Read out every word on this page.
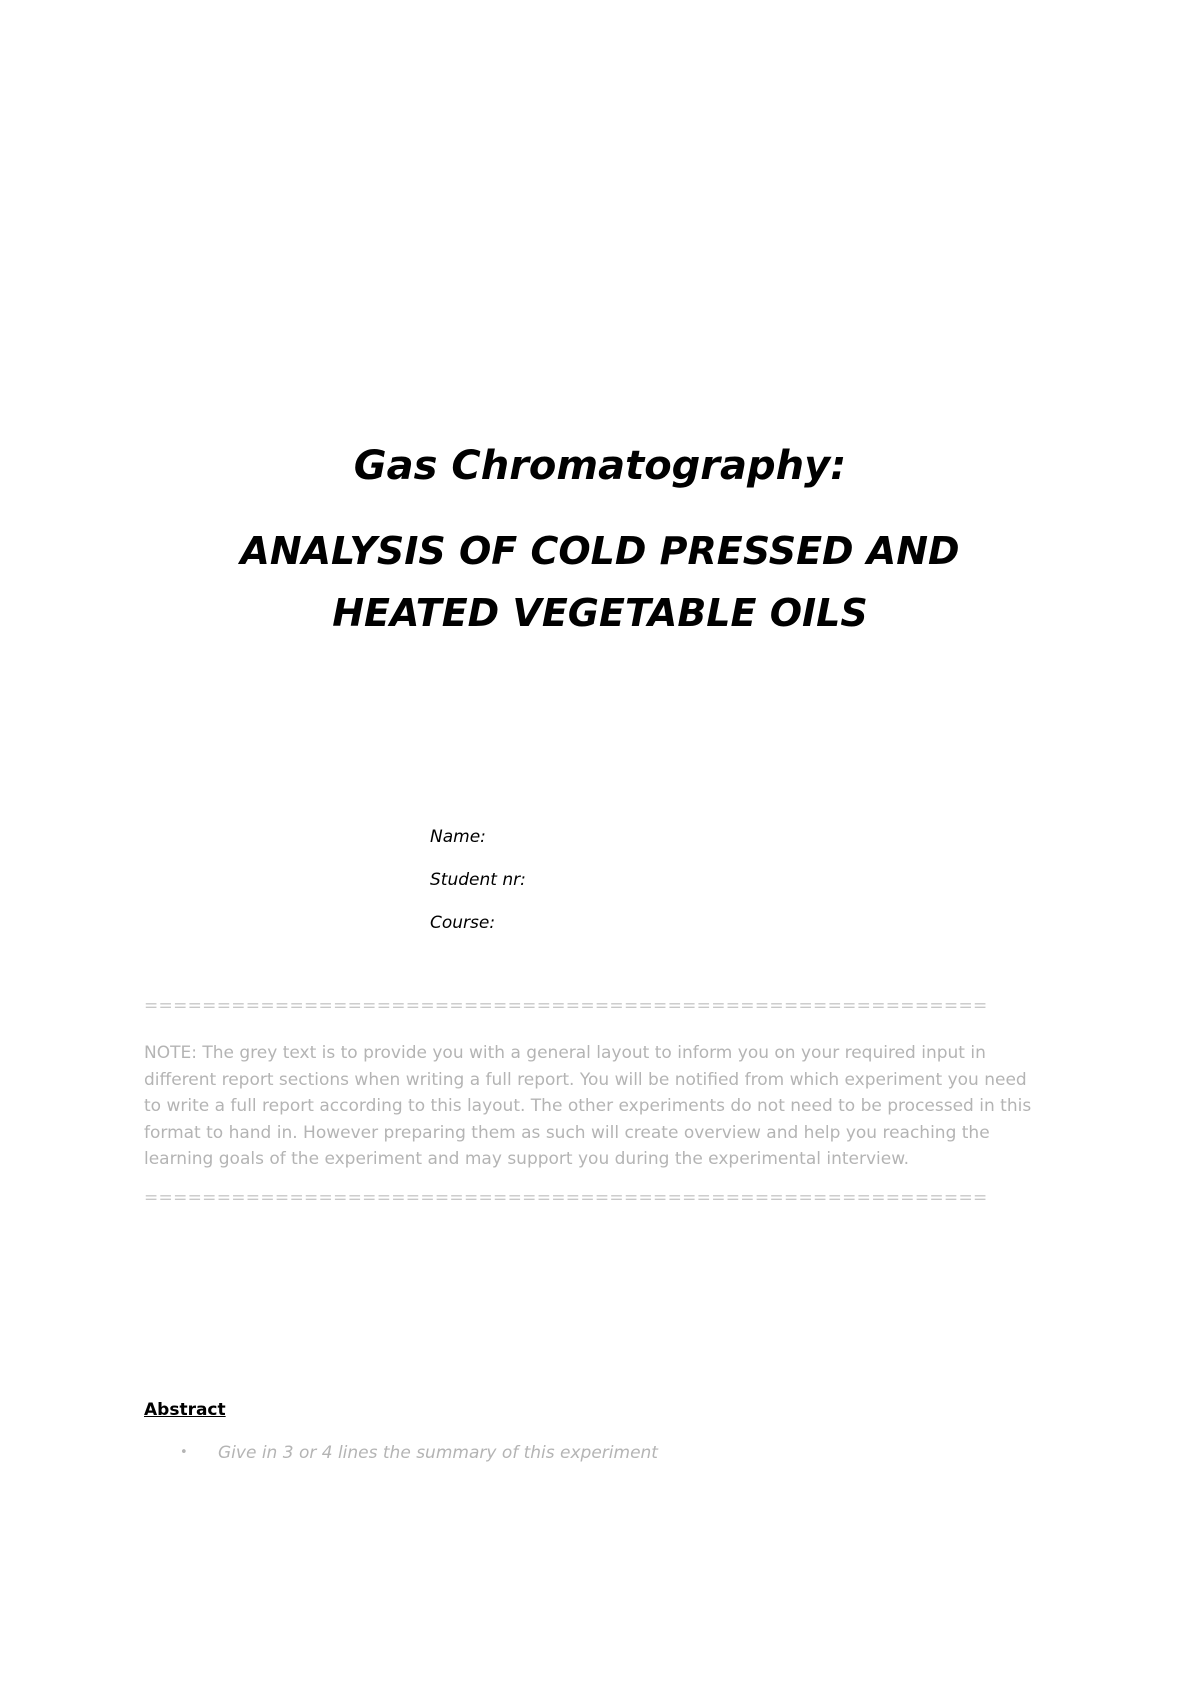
Gas Chromatography:
ANALYSIS OF COLD PRESSED AND
HEATED VEGETABLE OILS
Name:
Student nr:
Course:
==========================================================
NOTE: The grey text is to provide you with a general layout to inform you on your required input in
different report sections when writing a full report. You will be notified from which experiment you need
to write a full report according to this layout. The other experiments do not need to be processed in this
format to hand in. However preparing them as such will create overview and help you reaching the
learning goals of the experiment and may support you during the experimental interview.
==========================================================
Abstract
• Give in 3 or 4 lines the summary of this experiment
